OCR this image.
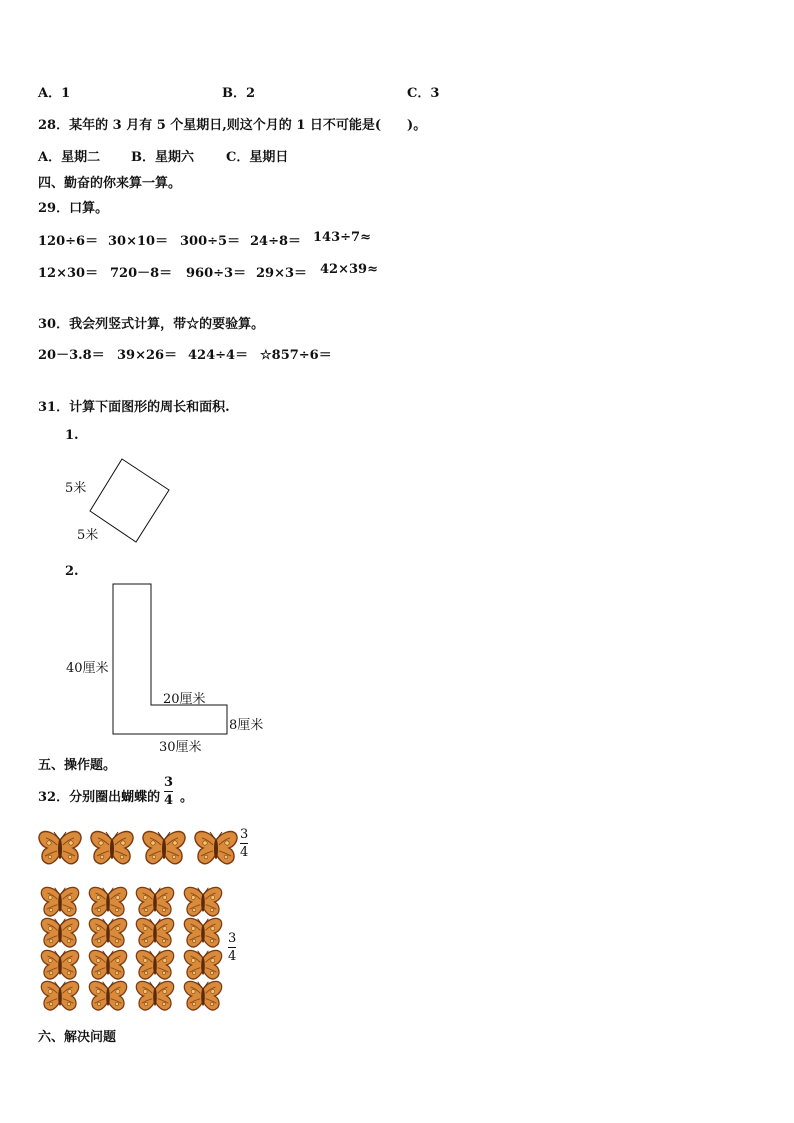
A．1	B．2	C．3
28．某年的 3 月有 5 个星期日,则这个月的 1 日不可能是(　　)。
A．星期二 B．星期六 C．星期日
四、勤奋的你来算一算。
29．口算。
120÷6＝ 30×10＝ 300÷5＝ 24÷8＝ 143÷7≈
12×30＝ 720－8＝ 960÷3＝ 29×3＝ 42×39≈
30．我会列竖式计算，带☆的要验算。
20－3.8＝ 39×26＝ 424÷4＝ ☆857÷6＝
31．计算下面图形的周长和面积.
1.
5米
5米
2.
40厘米
20厘米
8厘米
30厘米
五、操作题。
32．分别圈出蝴蝶的
3
4 。
3
4
3
4
六、解决问题
